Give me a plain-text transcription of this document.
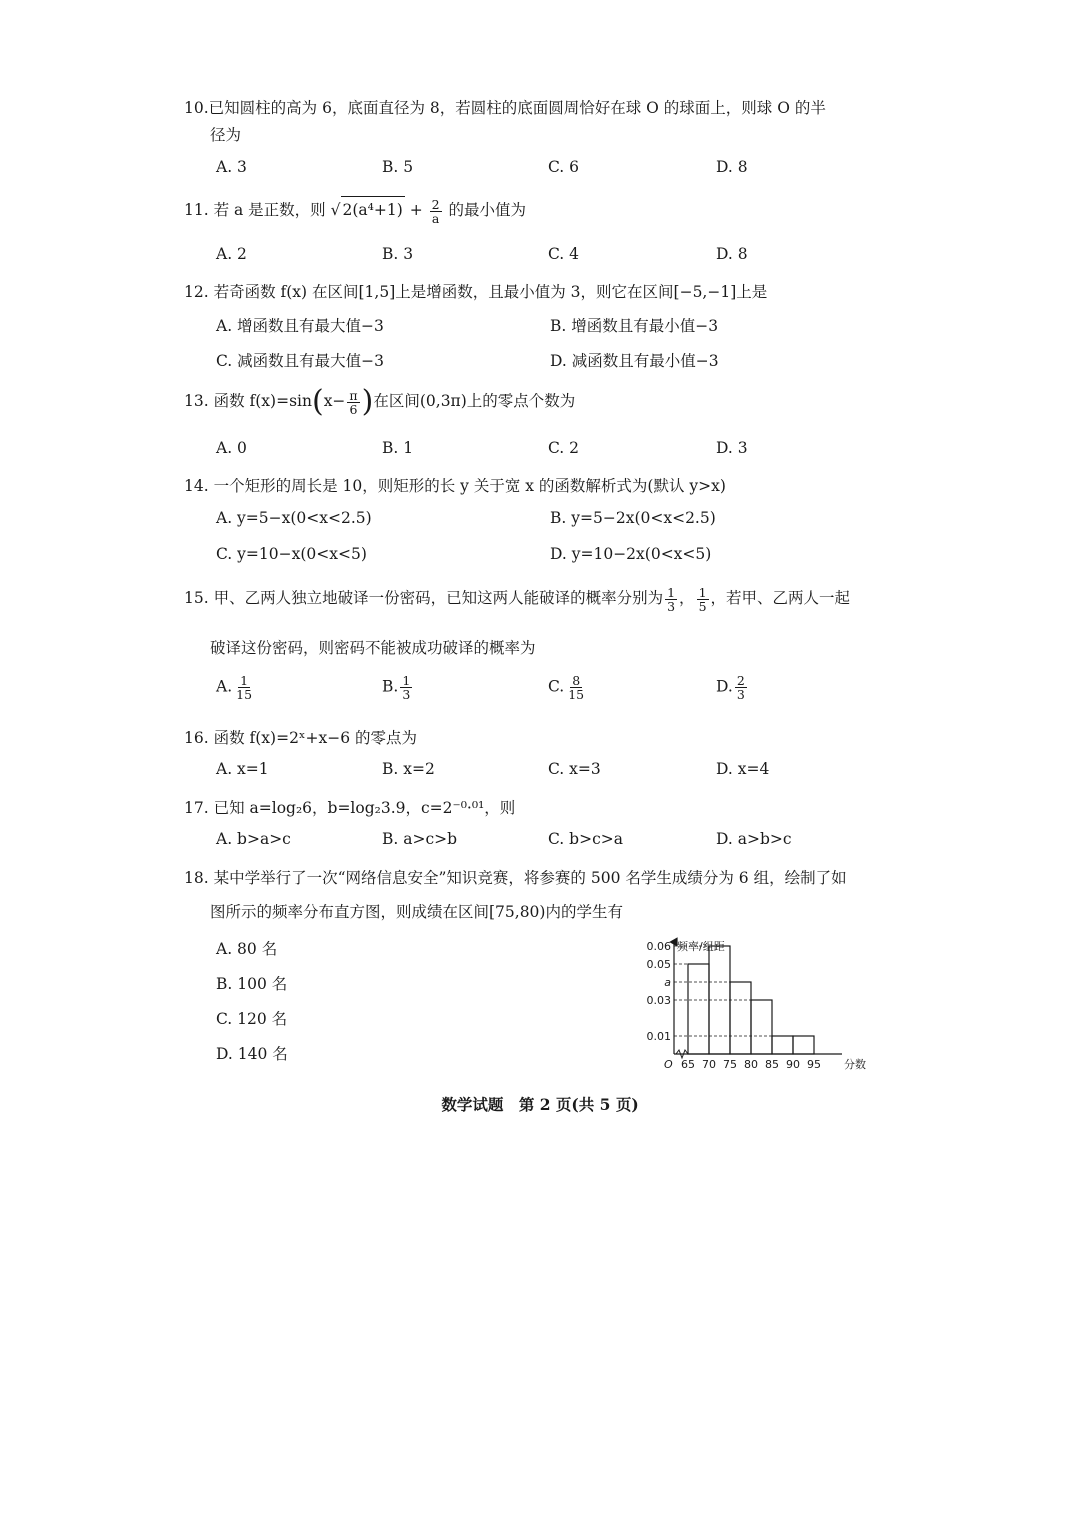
10.已知圆柱的高为 6，底面直径为 8，若圆柱的底面圆周恰好在球 O 的球面上，则球 O 的半
径为
A. 3	B. 5	C. 6	D. 8
11. 若 a 是正数，则 √ $2(a^4+1) + \frac{2}{a}$ 的最小值为
A. 2	B. 3	C. 4	D. 8
12. 若奇函数 f(x) 在区间[1,5]上是增函数，且最小值为 3，则它在区间[−5,−1]上是
A. 增函数且有最大值−3	B. 增函数且有最小值−3
C. 减函数且有最大值−3	D. 减函数且有最小值−3
13. 函数 $f(x)=\sin(x- \frac{\pi}{6}$ )在区间(0,3π)上的零点个数为
A. 0	B. 1	C. 2	D. 3
14. 一个矩形的周长是 10，则矩形的长 y 关于宽 x 的函数解析式为(默认 y>x)
A. y=5−x(0<x<2.5)	B. y=5−2x(0<x<2.5)
C. y=10−x(0<x<5)	D. y=10−2x(0<x<5)
15. 甲、乙两人独立地破译一份密码，已知这两人能破译的概率分别为 $\frac{1}{3}$ ， $\frac{1}{5}$ ，若甲、乙两人一起
破译这份密码，则密码不能被成功破译的概率为
A. $\frac{1}{15}$	B. $\frac{1}{3}$	C. $\frac{8}{15}$	D. $\frac{2}{3}$
16. 函数 f(x)=2ˣ+x−6 的零点为
A. x=1	B. x=2	C. x=3	D. x=4
17. 已知 a=log₂6，b=log₂3.9，c=2⁻⁰·⁰¹，则
A. b>a>c	B. a>c>b	C. b>c>a	D. a>b>c
18. 某中学举行了一次“网络信息安全”知识竞赛，将参赛的 500 名学生成绩分为 6 组，绘制了如
图所示的频率分布直方图，则成绩在区间[75,80)内的学生有
A. 80 名
B. 100 名
C. 120 名
D. 140 名
0.06
0.05
a
0.03
0.01
65 70 75 80 85 90 95
O
频率/组距
分数
数学试题　第 2 页(共 5 页)
